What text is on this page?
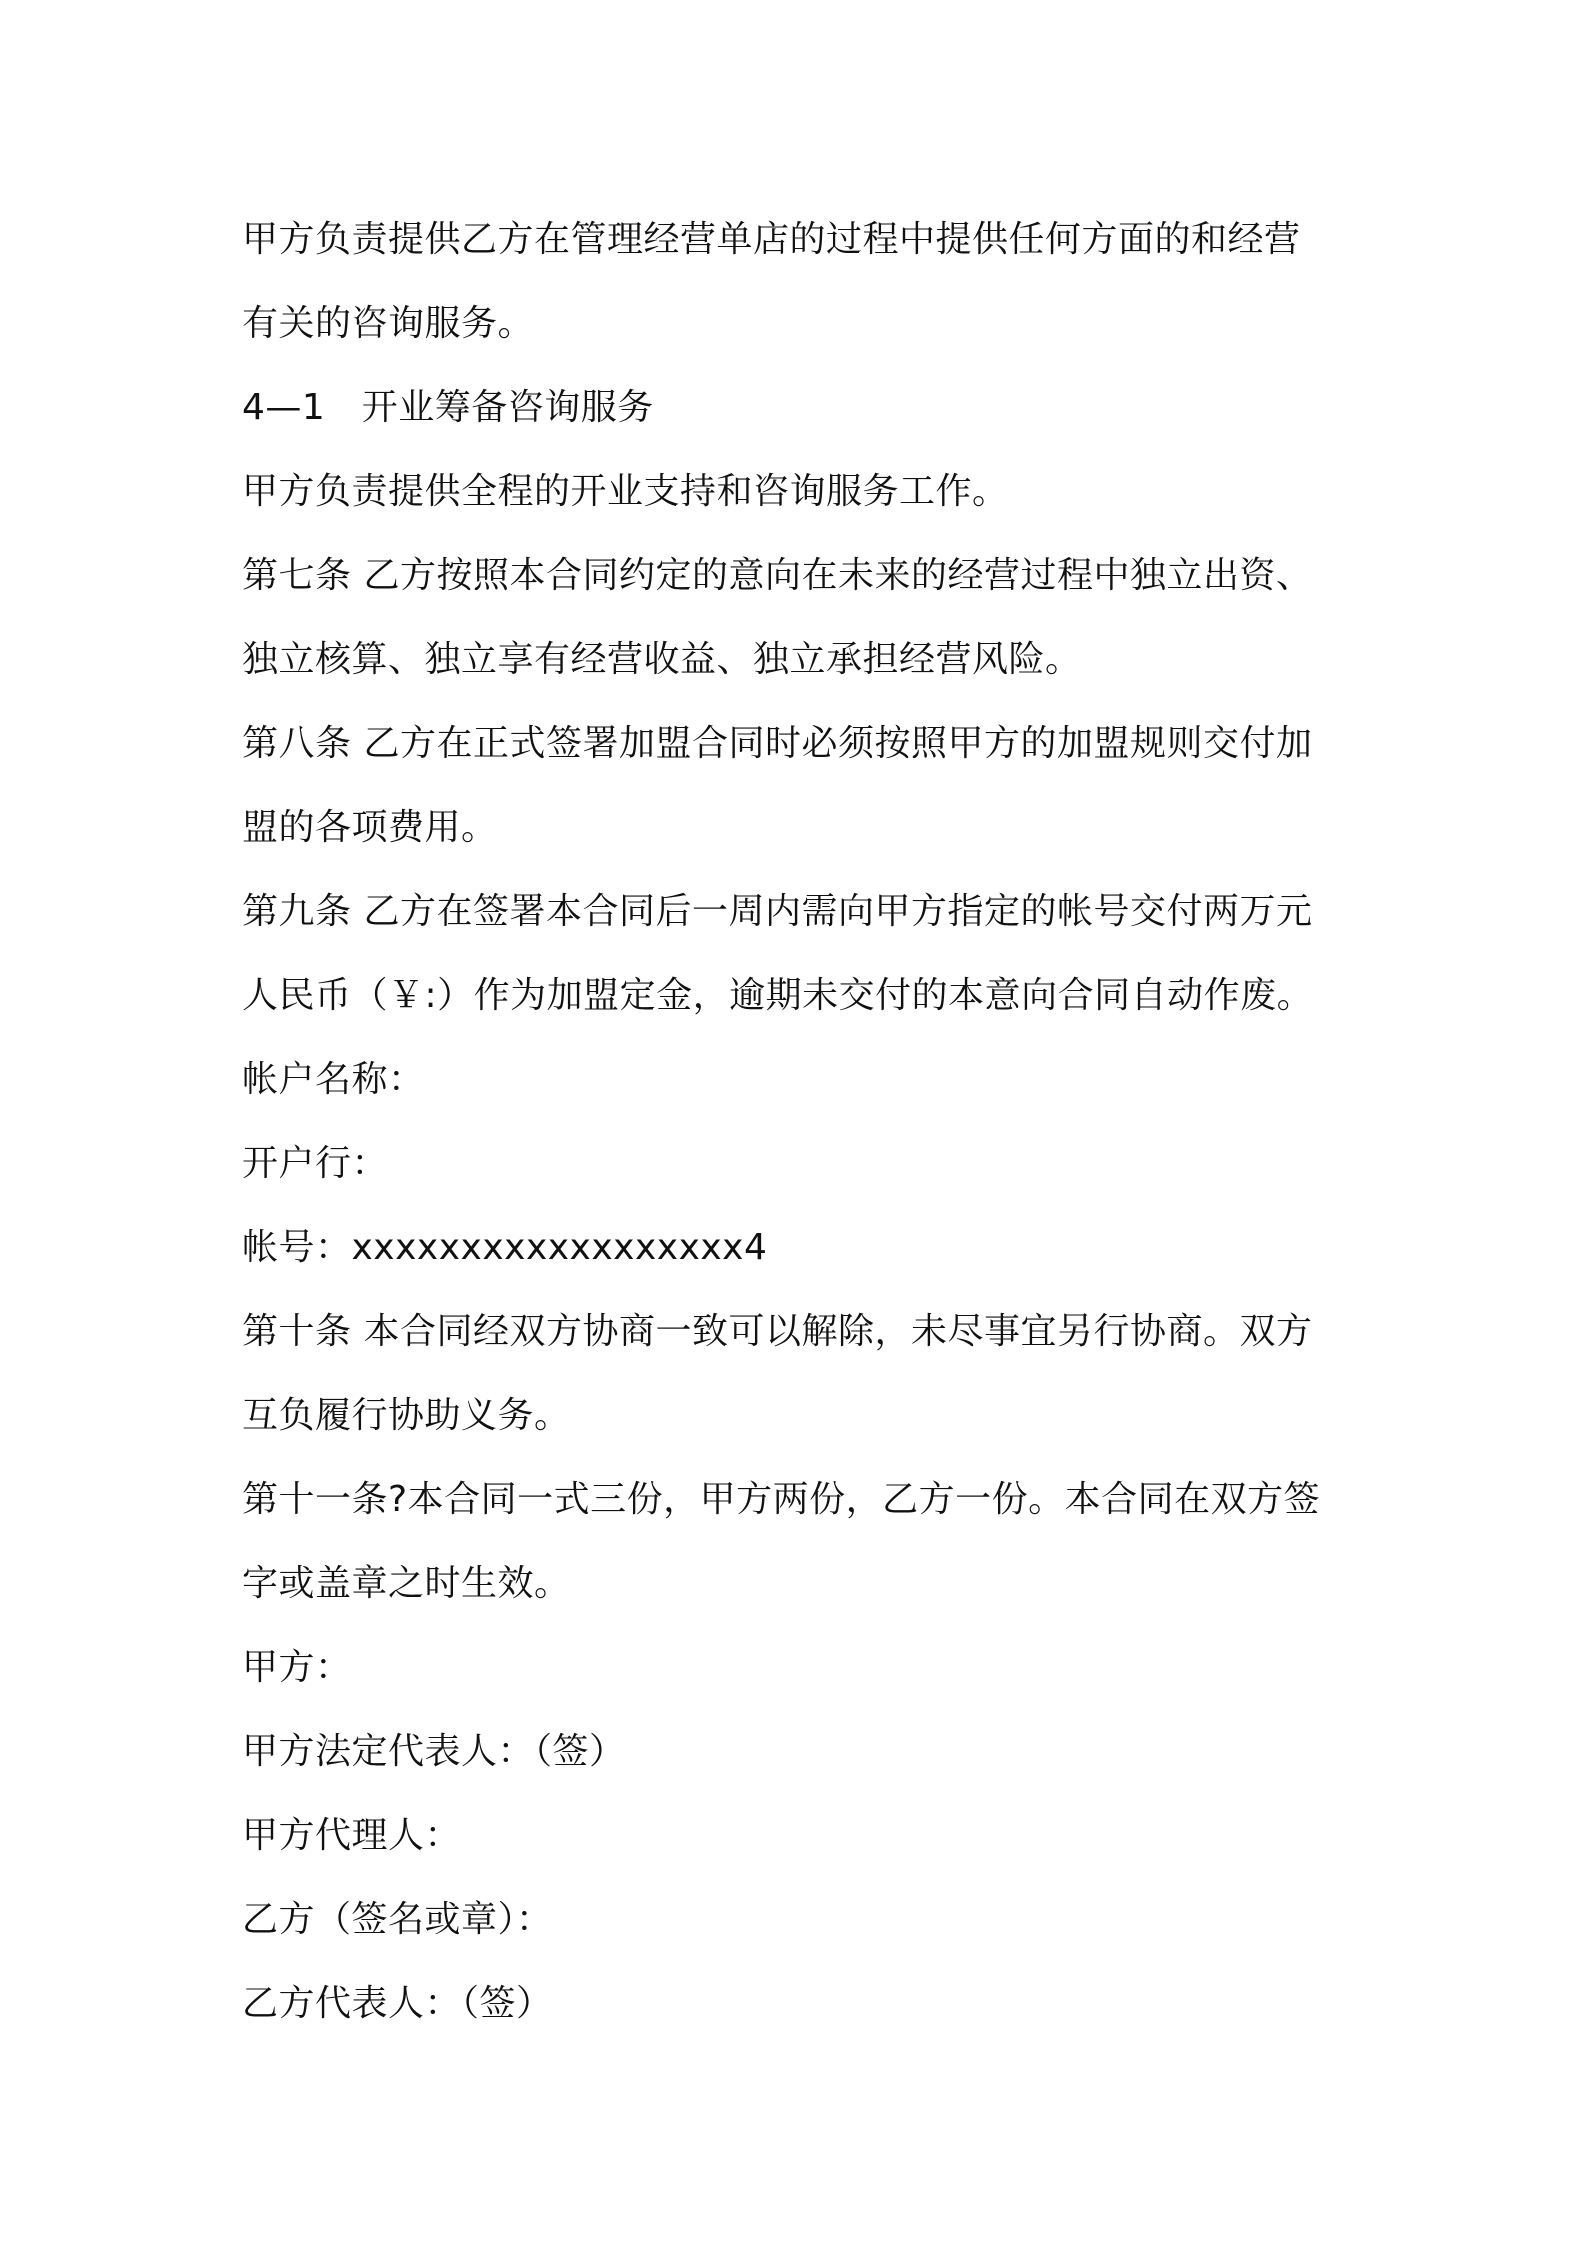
甲方负责提供乙方在管理经营单店的过程中提供任何方面的和经营
有关的咨询服务。
4—1　开业筹备咨询服务
甲方负责提供全程的开业支持和咨询服务工作。
第七条 乙方按照本合同约定的意向在未来的经营过程中独立出资、
独立核算、独立享有经营收益、独立承担经营风险。
第八条 乙方在正式签署加盟合同时必须按照甲方的加盟规则交付加
盟的各项费用。
第九条 乙方在签署本合同后一周内需向甲方指定的帐号交付两万元
人民币（￥:）作为加盟定金，逾期未交付的本意向合同自动作废。
帐户名称：
开户行：
帐号：xxxxxxxxxxxxxxxxxx4
第十条 本合同经双方协商一致可以解除，未尽事宜另行协商。双方
互负履行协助义务。
第十一条?本合同一式三份，甲方两份，乙方一份。本合同在双方签
字或盖章之时生效。
甲方：
甲方法定代表人：（签）
甲方代理人：
乙方（签名或章）：
乙方代表人：（签）
